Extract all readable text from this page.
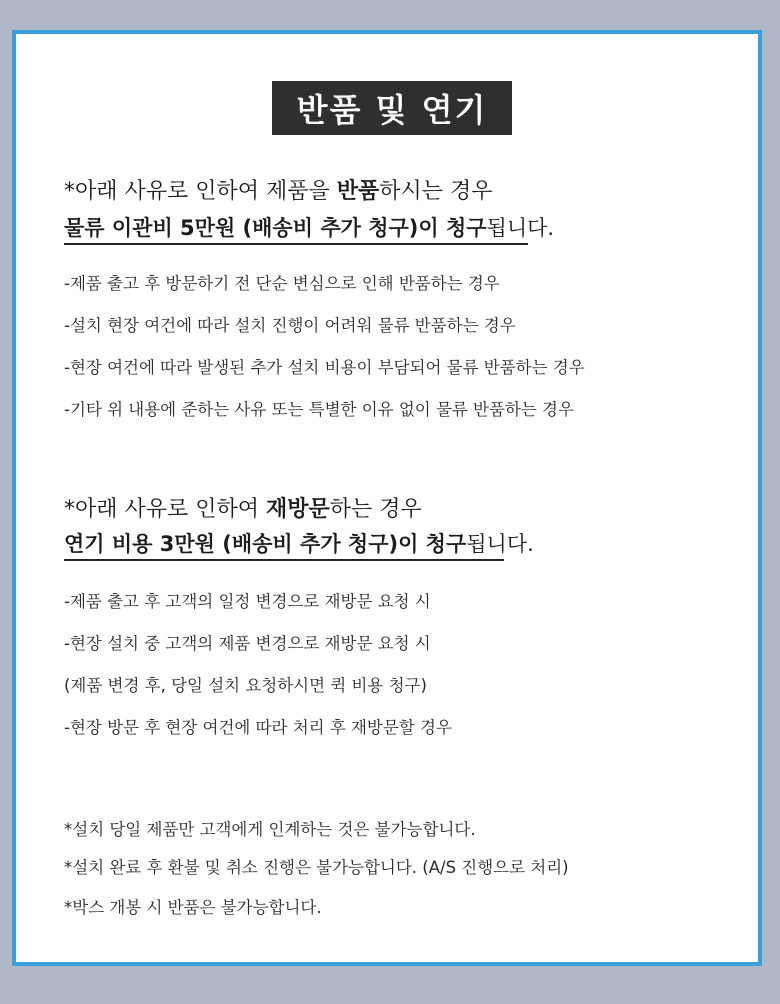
반품 및 연기
*아래 사유로 인하여 제품을 반품하시는 경우
물류 이관비 5만원 (배송비 추가 청구)이 청구됩니다.
-제품 출고 후 방문하기 전 단순 변심으로 인해 반품하는 경우
-설치 현장 여건에 따라 설치 진행이 어려워 물류 반품하는 경우
-현장 여건에 따라 발생된 추가 설치 비용이 부담되어 물류 반품하는 경우
-기타 위 내용에 준하는 사유 또는 특별한 이유 없이 물류 반품하는 경우
*아래 사유로 인하여 재방문하는 경우
연기 비용 3만원 (배송비 추가 청구)이 청구됩니다.
-제품 출고 후 고객의 일정 변경으로 재방문 요청 시
-현장 설치 중 고객의 제품 변경으로 재방문 요청 시
(제품 변경 후, 당일 설치 요청하시면 퀵 비용 청구)
-현장 방문 후 현장 여건에 따라 처리 후 재방문할 경우
*설치 당일 제품만 고객에게 인계하는 것은 불가능합니다.
*설치 완료 후 환불 및 취소 진행은 불가능합니다. (A/S 진행으로 처리)
*박스 개봉 시 반품은 불가능합니다.
